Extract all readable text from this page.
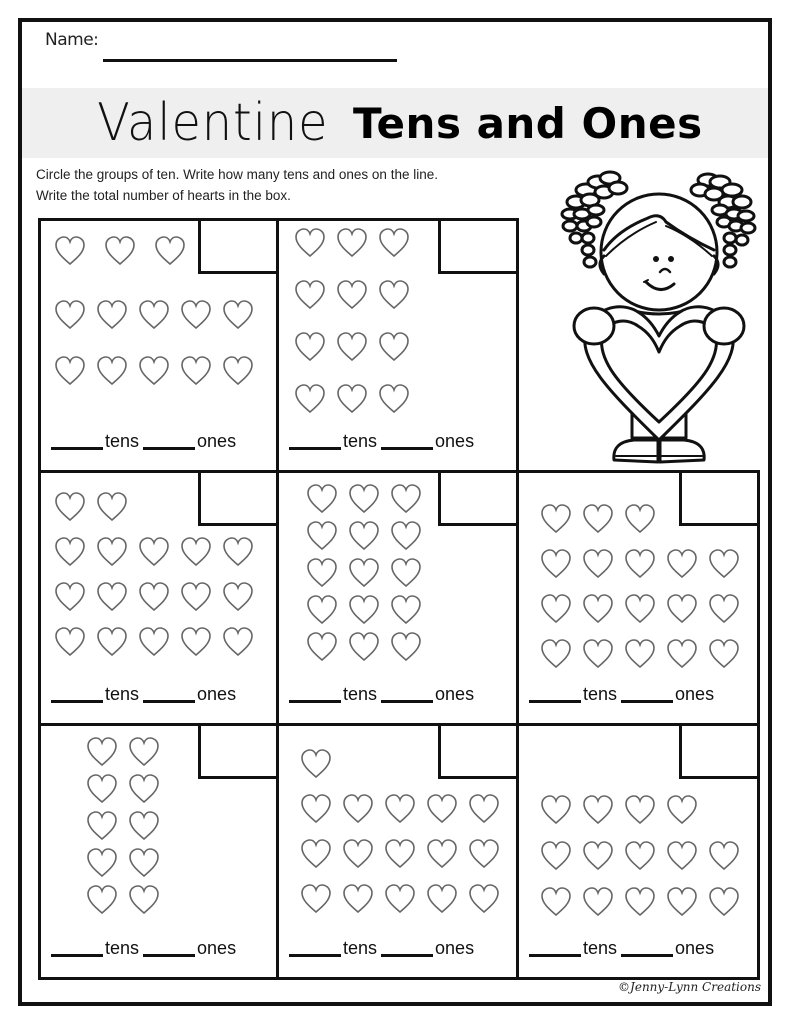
Name:
Valentine Tens and Ones
Circle the groups of ten. Write how many tens and ones on the line.
Write the total number of hearts in the box.
tens	ones	tens	ones
tens	ones	tens	ones	tens	ones
tens	ones	tens	ones	tens	ones
©Jenny-Lynn Creations
